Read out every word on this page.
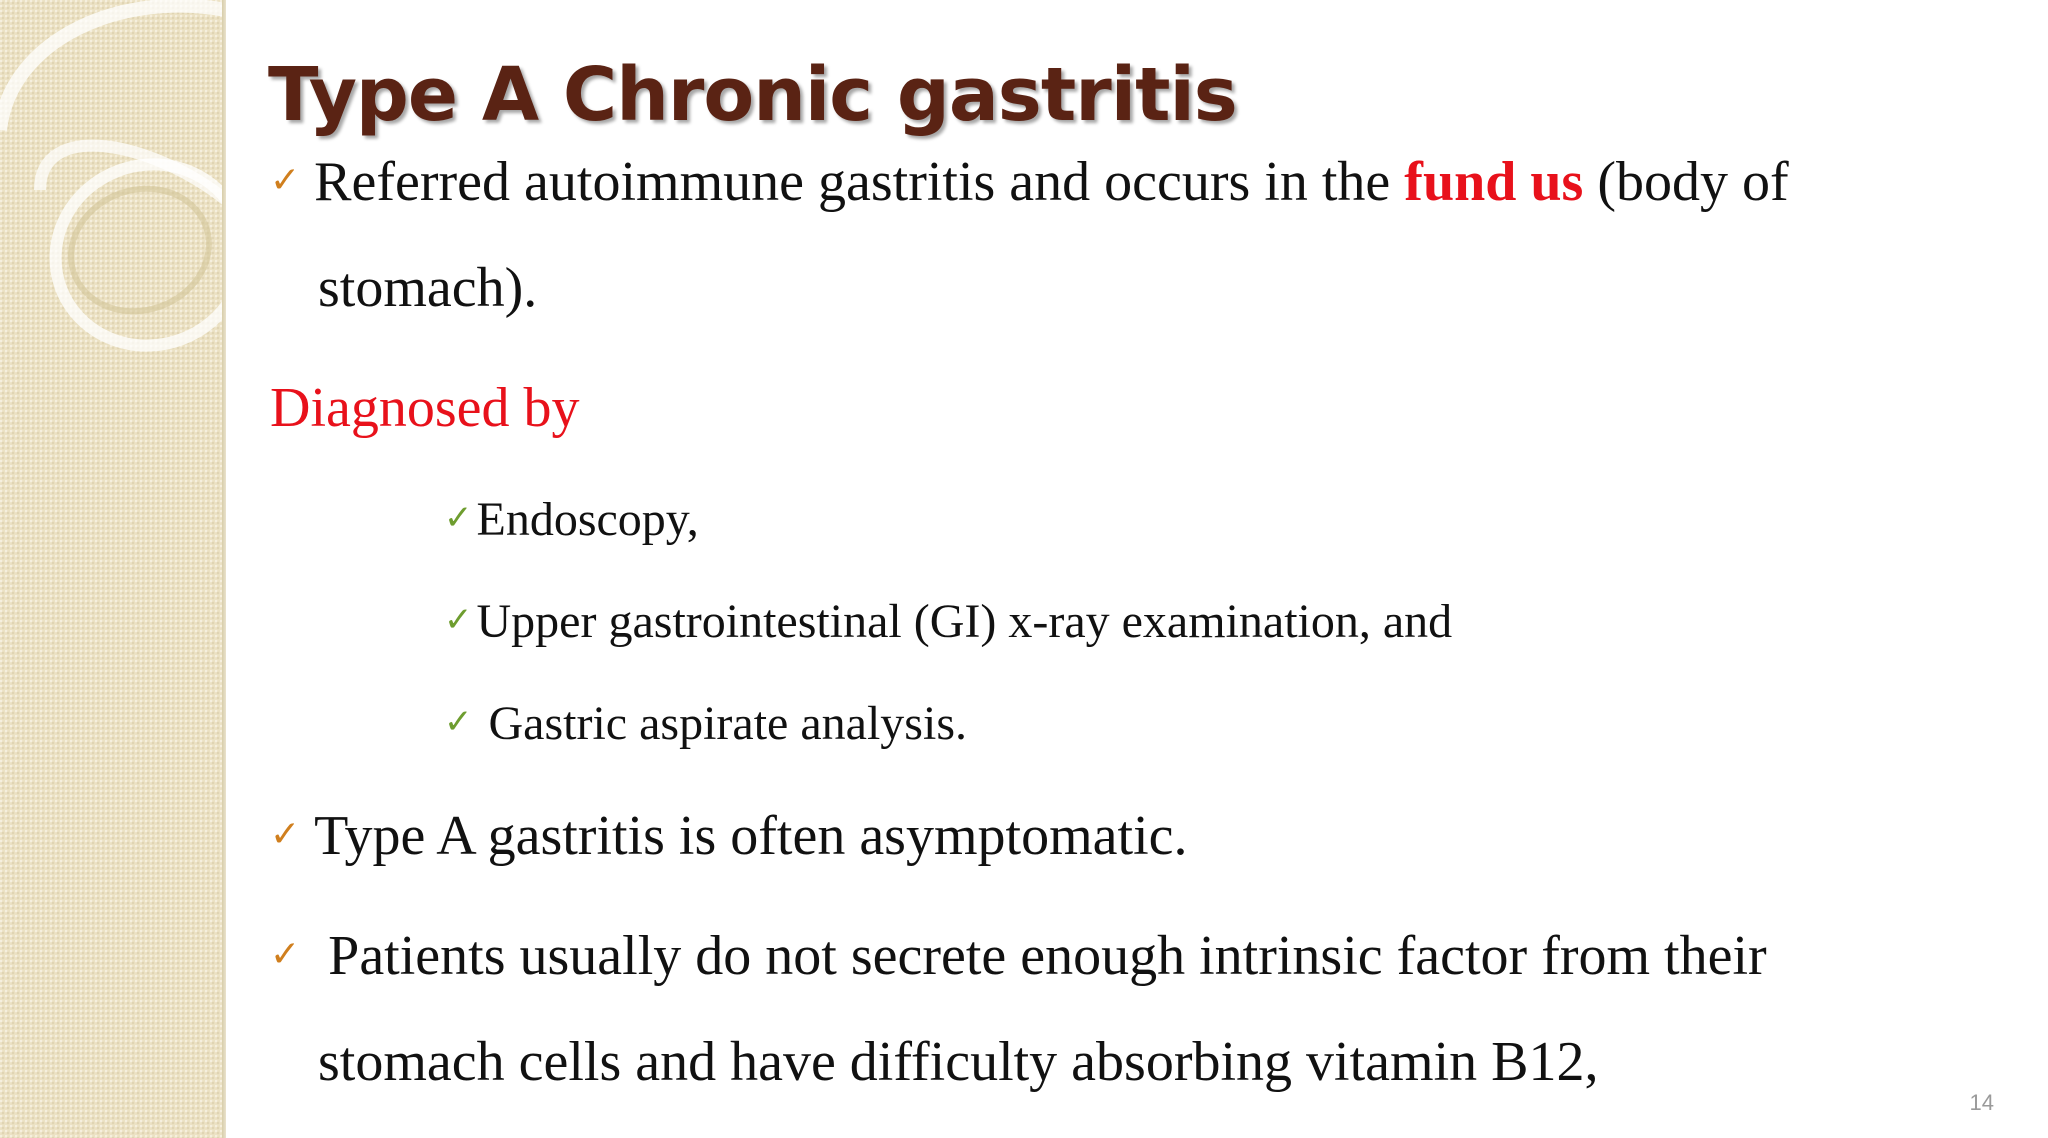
Type A Chronic gastritis
✓ Referred autoimmune gastritis and occurs in the fund us (body of
stomach).
Diagnosed by
✓Endoscopy,
✓Upper gastrointestinal (GI) x-ray examination, and
✓ Gastric aspirate analysis.
✓ Type A gastritis is often asymptomatic.
✓ Patients usually do not secrete enough intrinsic factor from their
stomach cells and have difficulty absorbing vitamin B12,
14
